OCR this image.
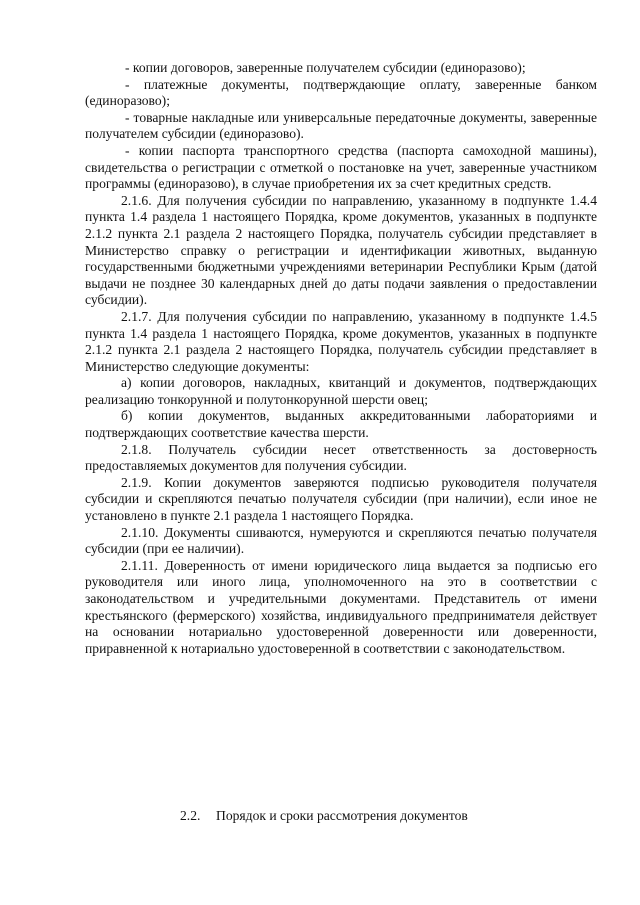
- копии договоров, заверенные получателем субсидии (единоразово);

- платежные документы, подтверждающие оплату, заверенные банком (единоразово);

- товарные накладные или универсальные передаточные документы, заверенные получателем субсидии (единоразово).

- копии паспорта транспортного средства (паспорта самоходной машины), свидетельства о регистрации с отметкой о постановке на учет, заверенные участником программы (единоразово), в случае приобретения их за счет кредитных средств.

2.1.6. Для получения субсидии по направлению, указанному в подпункте 1.4.4 пункта 1.4 раздела 1 настоящего Порядка, кроме документов, указанных в подпункте 2.1.2 пункта 2.1 раздела 2 настоящего Порядка, получатель субсидии представляет в Министерство справку о регистрации и идентификации животных, выданную государственными бюджетными учреждениями ветеринарии Республики Крым (датой выдачи не позднее 30 календарных дней до даты подачи заявления о предоставлении субсидии).

2.1.7. Для получения субсидии по направлению, указанному в подпункте 1.4.5 пункта 1.4 раздела 1 настоящего Порядка, кроме документов, указанных в подпункте 2.1.2 пункта 2.1 раздела 2 настоящего Порядка, получатель субсидии представляет в Министерство следующие документы:

а) копии договоров, накладных, квитанций и документов, подтверждающих реализацию тонкорунной и полутонкорунной шерсти овец;

б) копии документов, выданных аккредитованными лабораториями и подтверждающих соответствие качества шерсти.

2.1.8. Получатель субсидии несет ответственность за достоверность предоставляемых документов для получения субсидии.

2.1.9. Копии документов заверяются подписью руководителя получателя субсидии и скрепляются печатью получателя субсидии (при наличии), если иное не установлено в пункте 2.1 раздела 1 настоящего Порядка.

2.1.10. Документы сшиваются, нумеруются и скрепляются печатью получателя субсидии (при ее наличии).

2.1.11. Доверенность от имени юридического лица выдается за подписью его руководителя или иного лица, уполномоченного на это в соответствии с законодательством и учредительными документами. Представитель от имени крестьянского (фермерского) хозяйства, индивидуального предпринимателя действует на основании нотариально удостоверенной доверенности или доверенности, приравненной к нотариально удостоверенной в соответствии с законодательством.

2.2. Порядок и сроки рассмотрения документов
